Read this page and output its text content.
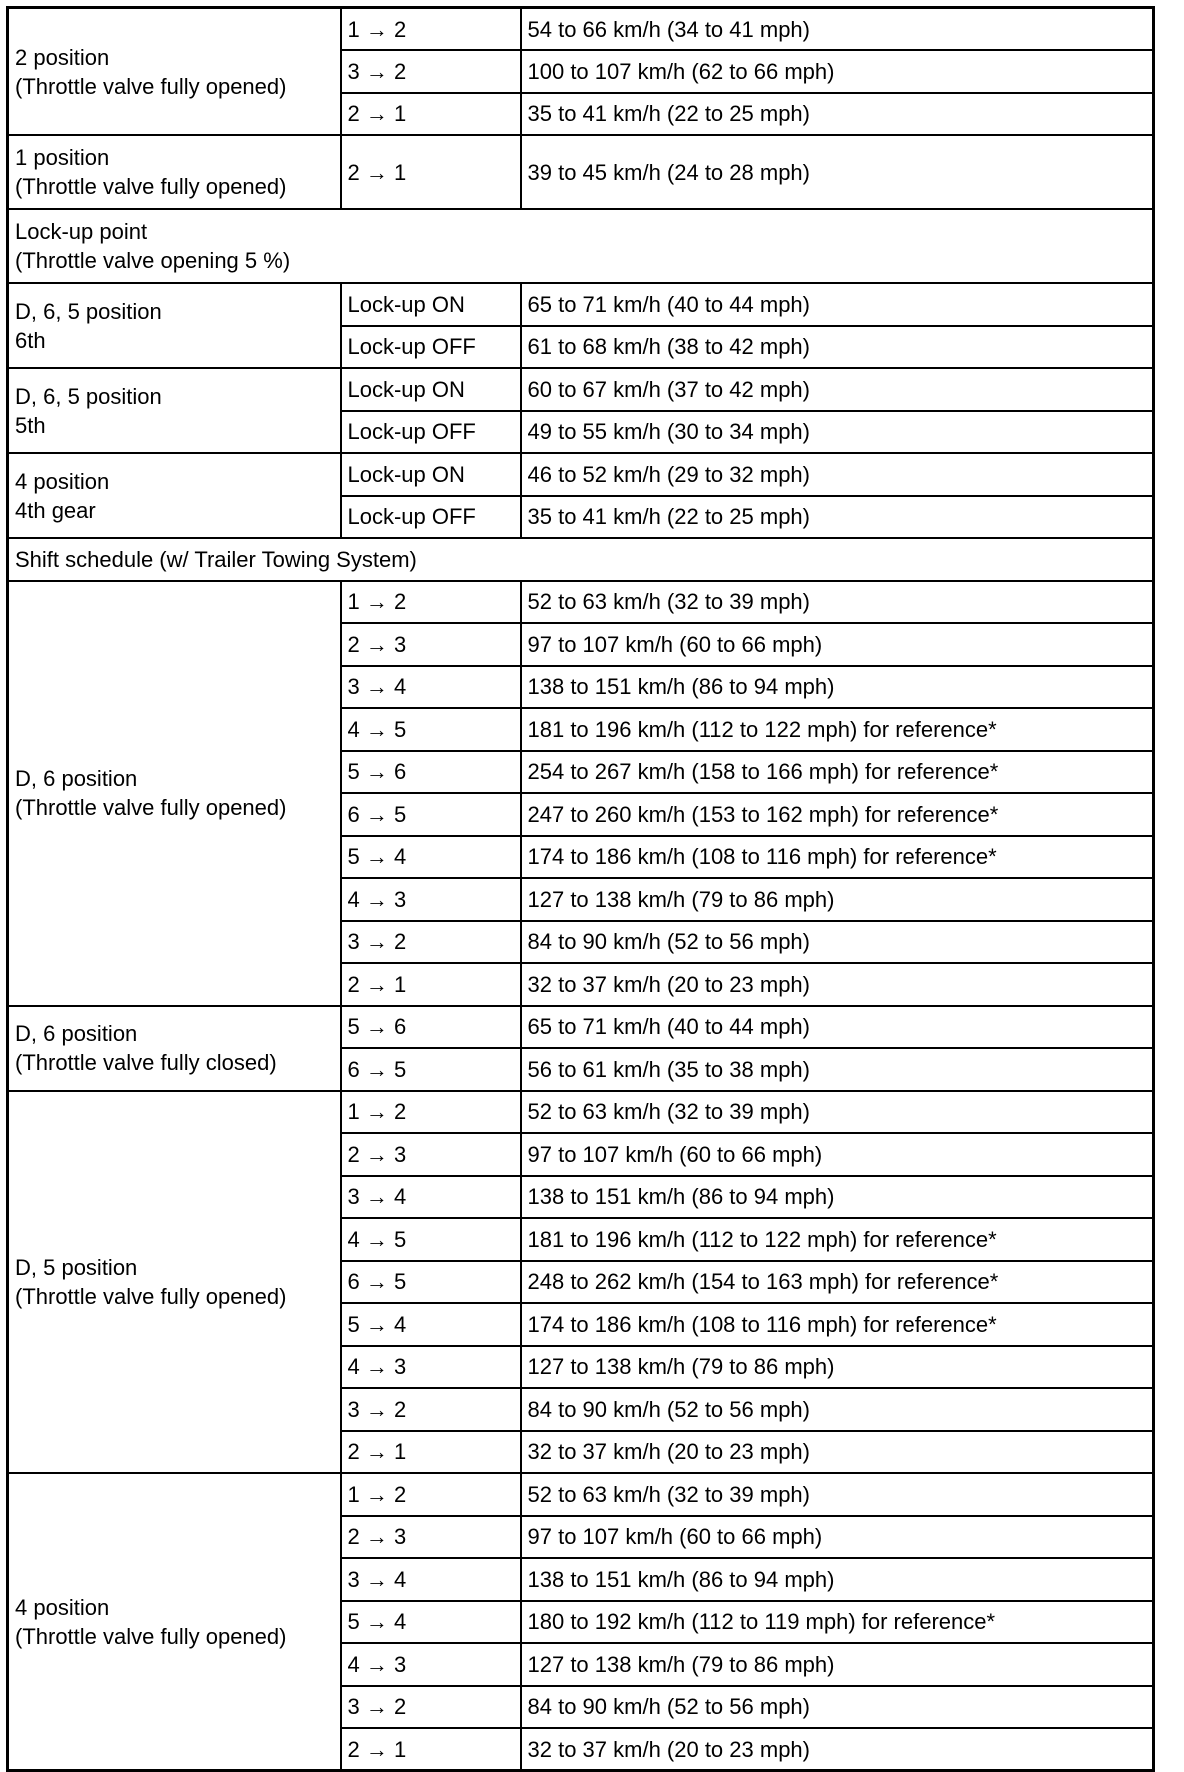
2 position
(Throttle valve fully opened)	1 → 2	54 to 66 km/h (34 to 41 mph)
	3 → 2	100 to 107 km/h (62 to 66 mph)
	2 → 1	35 to 41 km/h (22 to 25 mph)

1 position
(Throttle valve fully opened)	2 → 1	39 to 45 km/h (24 to 28 mph)

Lock-up point
(Throttle valve opening 5 %)		

D, 6, 5 position
6th	Lock-up ON	65 to 71 km/h (40 to 44 mph)
	Lock-up OFF	61 to 68 km/h (38 to 42 mph)

D, 6, 5 position
5th	Lock-up ON	60 to 67 km/h (37 to 42 mph)
	Lock-up OFF	49 to 55 km/h (30 to 34 mph)

4 position
4th gear	Lock-up ON	46 to 52 km/h (29 to 32 mph)
	Lock-up OFF	35 to 41 km/h (22 to 25 mph)

Shift schedule (w/ Trailer Towing System)		

D, 6 position
(Throttle valve fully opened)	1 → 2	52 to 63 km/h (32 to 39 mph)
	2 → 3	97 to 107 km/h (60 to 66 mph)
	3 → 4	138 to 151 km/h (86 to 94 mph)
	4 → 5	181 to 196 km/h (112 to 122 mph) for reference*
	5 → 6	254 to 267 km/h (158 to 166 mph) for reference*
	6 → 5	247 to 260 km/h (153 to 162 mph) for reference*
	5 → 4	174 to 186 km/h (108 to 116 mph) for reference*
	4 → 3	127 to 138 km/h (79 to 86 mph)
	3 → 2	84 to 90 km/h (52 to 56 mph)
	2 → 1	32 to 37 km/h (20 to 23 mph)

D, 6 position
(Throttle valve fully closed)	5 → 6	65 to 71 km/h (40 to 44 mph)
	6 → 5	56 to 61 km/h (35 to 38 mph)

D, 5 position
(Throttle valve fully opened)	1 → 2	52 to 63 km/h (32 to 39 mph)
	2 → 3	97 to 107 km/h (60 to 66 mph)
	3 → 4	138 to 151 km/h (86 to 94 mph)
	4 → 5	181 to 196 km/h (112 to 122 mph) for reference*
	6 → 5	248 to 262 km/h (154 to 163 mph) for reference*
	5 → 4	174 to 186 km/h (108 to 116 mph) for reference*
	4 → 3	127 to 138 km/h (79 to 86 mph)
	3 → 2	84 to 90 km/h (52 to 56 mph)
	2 → 1	32 to 37 km/h (20 to 23 mph)

4 position
(Throttle valve fully opened)	1 → 2	52 to 63 km/h (32 to 39 mph)
	2 → 3	97 to 107 km/h (60 to 66 mph)
	3 → 4	138 to 151 km/h (86 to 94 mph)
	5 → 4	180 to 192 km/h (112 to 119 mph) for reference*
	4 → 3	127 to 138 km/h (79 to 86 mph)
	3 → 2	84 to 90 km/h (52 to 56 mph)
	2 → 1	32 to 37 km/h (20 to 23 mph)
